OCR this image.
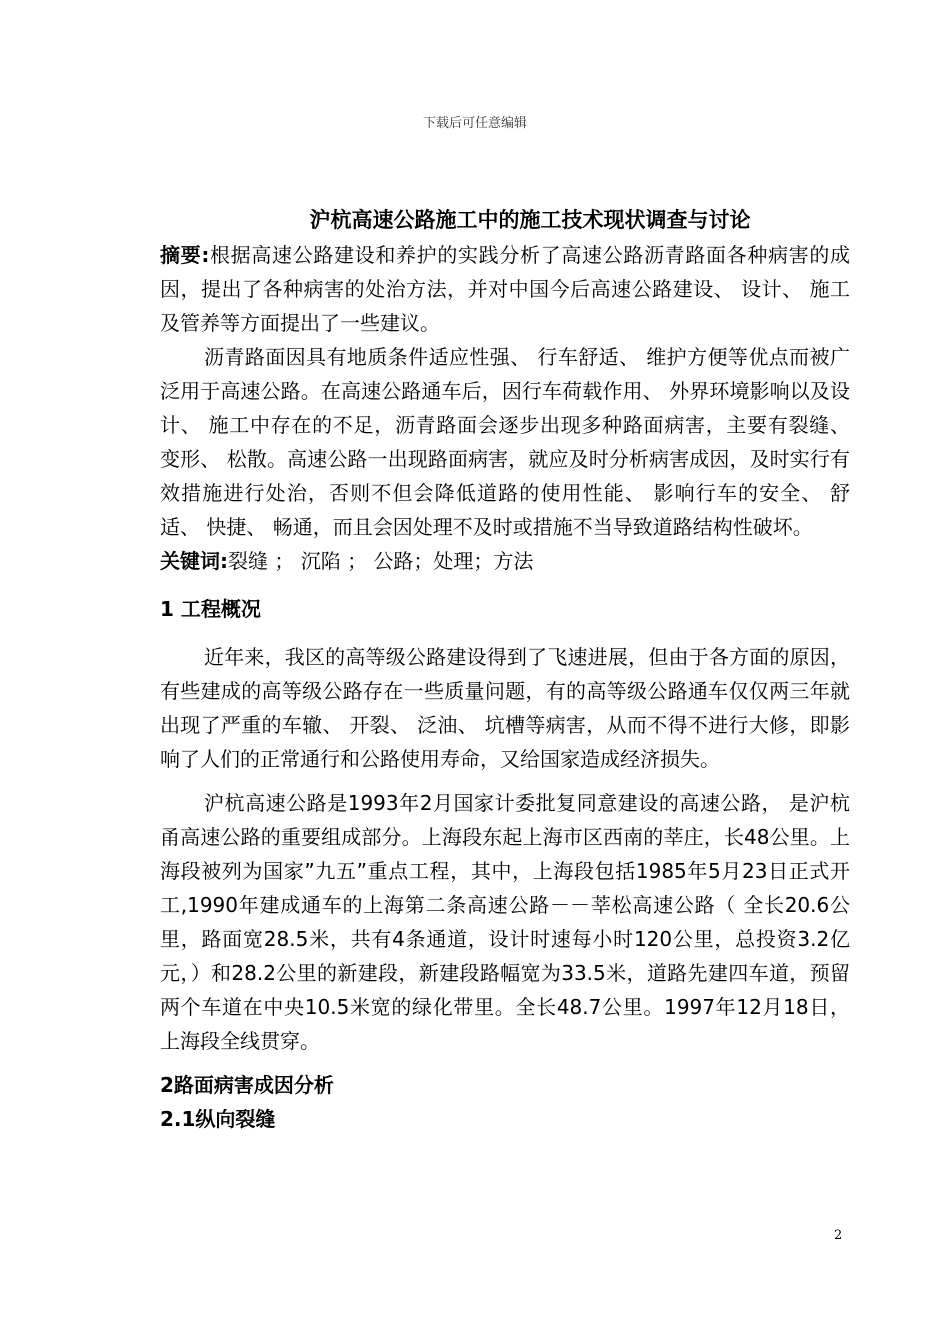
下载后可任意编辑
沪杭高速公路施工中的施工技术现状调查与讨论

摘要:根据高速公路建设和养护的实践分析了高速公路沥青路面各种病害的成因，提出了各种病害的处治方法，并对中国今后高速公路建设、 设计、 施工及管养等方面提出了一些建议。

沥青路面因具有地质条件适应性强、 行车舒适、 维护方便等优点而被广泛用于高速公路。在高速公路通车后，因行车荷载作用、 外界环境影响以及设计、 施工中存在的不足，沥青路面会逐步出现多种路面病害，主要有裂缝、 变形、 松散。高速公路一出现路面病害，就应及时分析病害成因，及时实行有效措施进行处治，否则不但会降低道路的使用性能、 影响行车的安全、 舒适、 快捷、 畅通，而且会因处理不及时或措施不当导致道路结构性破坏。

关键词:裂缝 ； 沉陷 ； 公路；处理；方法

1 工程概况

近年来，我区的高等级公路建设得到了飞速进展，但由于各方面的原因，有些建成的高等级公路存在一些质量问题，有的高等级公路通车仅仅两三年就出现了严重的车辙、 开裂、 泛油、 坑槽等病害，从而不得不进行大修，即影响了人们的正常通行和公路使用寿命，又给国家造成经济损失。

沪杭高速公路是1993年2月国家计委批复同意建设的高速公路， 是沪杭甬高速公路的重要组成部分。上海段东起上海市区西南的莘庄，长48公里。上海段被列为国家”九五”重点工程，其中，上海段包括1985年5月23日正式开工,1990年建成通车的上海第二条高速公路－－莘松高速公路（ 全长20.6公里，路面宽28.5米，共有4条通道，设计时速每小时120公里，总投资3.2亿元，）和28.2公里的新建段，新建段路幅宽为33.5米，道路先建四车道，预留两个车道在中央10.5米宽的绿化带里。全长48.7公里。1997年12月18日，上海段全线贯穿。

2路面病害成因分析
2.1纵向裂缝
2
